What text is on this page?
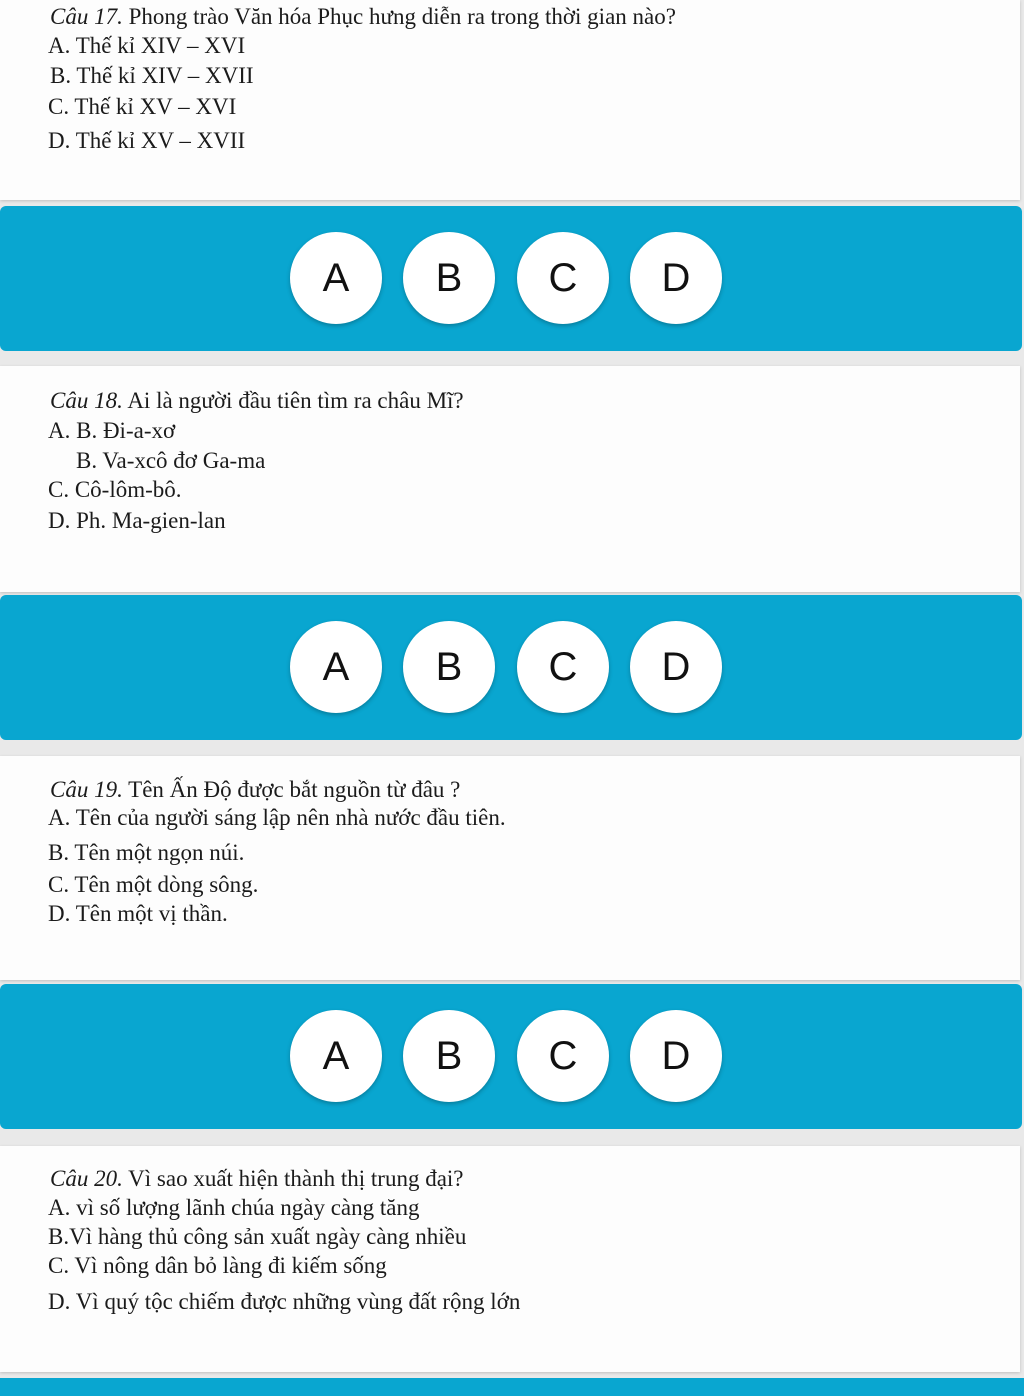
Câu 17. Phong trào Văn hóa Phục hưng diễn ra trong thời gian nào?
A. Thế kỉ XIV – XVI
B. Thế kỉ XIV – XVII
C. Thế kỉ XV – XVI
D. Thế kỉ XV – XVII
A	B	C	D
Câu 18. Ai là người đầu tiên tìm ra châu Mĩ?
A. B. Đi-a-xơ
B. Va-xcô đơ Ga-ma
C. Cô-lôm-bô.
D. Ph. Ma-gien-lan
A	B	C	D
Câu 19. Tên Ấn Độ được bắt nguồn từ đâu ?
A. Tên của người sáng lập nên nhà nước đầu tiên.
B. Tên một ngọn núi.
C. Tên một dòng sông.
D. Tên một vị thần.
A	B	C	D
Câu 20. Vì sao xuất hiện thành thị trung đại?
A. vì số lượng lãnh chúa ngày càng tăng
B.Vì hàng thủ công sản xuất ngày càng nhiều
C. Vì nông dân bỏ làng đi kiếm sống
D. Vì quý tộc chiếm được những vùng đất rộng lớn
